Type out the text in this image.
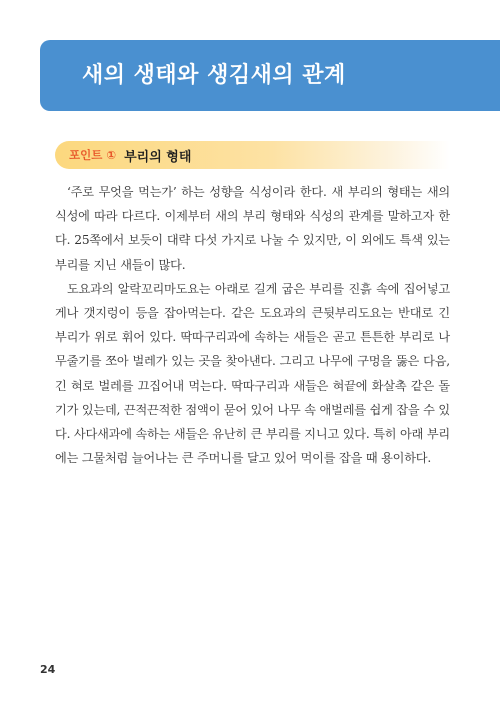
새의 생태와 생김새의 관계
포인트 ① 부리의 형태

‘주로 무엇을 먹는가’ 하는 성향을 식성이라 한다. 새 부리의 형태는 새의 식성에 따라 다르다. 이제부터 새의 부리 형태와 식성의 관계를 말하고자 한다. 25쪽에서 보듯이 대략 다섯 가지로 나눌 수 있지만, 이 외에도 특색 있는 부리를 지닌 새들이 많다.

도요과의 알락꼬리마도요는 아래로 길게 굽은 부리를 진흙 속에 집어넣고 게나 갯지렁이 등을 잡아먹는다. 같은 도요과의 큰뒷부리도요는 반대로 긴 부리가 위로 휘어 있다. 딱따구리과에 속하는 새들은 곧고 튼튼한 부리로 나무줄기를 쪼아 벌레가 있는 곳을 찾아낸다. 그리고 나무에 구멍을 뚫은 다음, 긴 혀로 벌레를 끄집어내 먹는다. 딱따구리과 새들은 혀끝에 화살촉 같은 돌기가 있는데, 끈적끈적한 점액이 묻어 있어 나무 속 애벌레를 쉽게 잡을 수 있다. 사다새과에 속하는 새들은 유난히 큰 부리를 지니고 있다. 특히 아래 부리에는 그물처럼 늘어나는 큰 주머니를 달고 있어 먹이를 잡을 때 용이하다.

24
